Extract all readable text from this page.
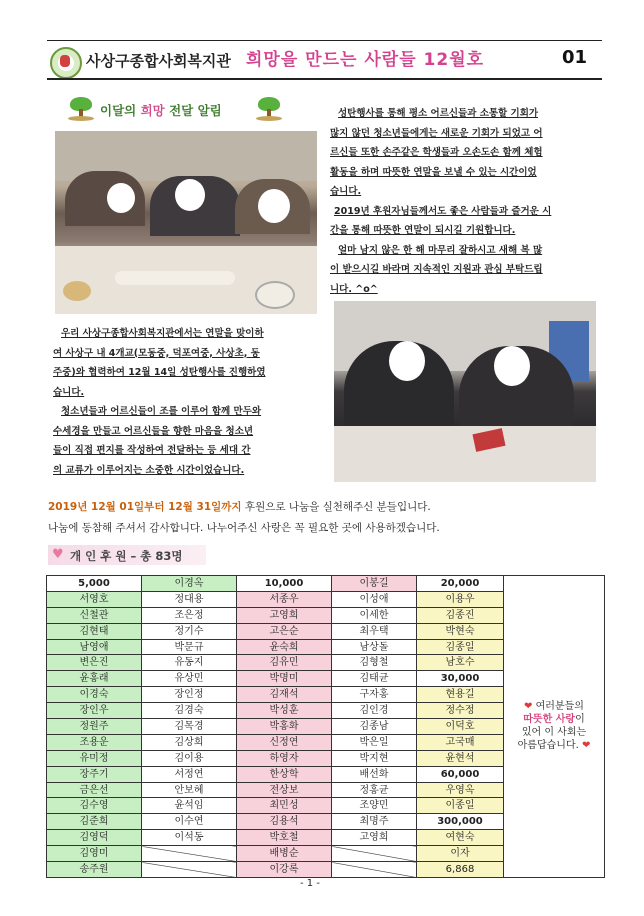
사상구종합사회복지관 희망을 만드는 사람들 12월호	01
이달의 희망 전달 알림	성탄행사를 통해 평소 어르신들과 소통할 기회가
많지 않던 청소년들에게는 새로운 기회가 되었고 어
르신들 또한 손주같은 학생들과 오손도손 함께 체험
활동을 하며 따뜻한 연말을 보낼 수 있는 시간이었
습니다.
2019년 후원자님들께서도 좋은 사람들과 즐거운 시
간을 통해 따뜻한 연말이 되시길 기원합니다.
얼마 남지 않은 한 해 마무리 잘하시고 새해 복 많
이 받으시길 바라며 지속적인 지원과 관심 부탁드립
니다. ^o^
우리 사상구종합사회복지관에서는 연말을 맞이하
여 사상구 내 4개교(모동중, 덕포여중, 사상초, 동
주중)와 협력하여 12월 14일 성탄행사를 진행하였
습니다.
청소년들과 어르신들이 조를 이루어 함께 만두와
수세경을 만들고 어르신들을 향한 마음을 청소년
들이 직접 편지를 작성하여 전달하는 등 세대 간
의 교류가 이루어지는 소중한 시간이었습니다.
2019년 12월 01일부터 12월 31일까지 후원으로 나눔을 실천해주신 분들입니다.
나눔에 동참해 주셔서 감사합니다. 나누어주신 사랑은 꼭 필요한 곳에 사용하겠습니다.
♥ 개 인 후 원 – 총 83명
5,000	이경옥	10,000	이봉길	20,000	❤ 여러분들의
따뜻한 사랑이
있어 이 사회는
아름답습니다. ❤

서영호	정대용	서종우	이성애	이용우	
신철관	조은정	고영희	이세한	김종진	
김현태	정기수	고은순	최우택	박현숙	
남영애	박문규	윤숙희	남상돌	김종일	
변은진	유동지	김유민	김형철	남호수	
윤홍래	유상민	박명미	김태균	30,000	
이경숙	장인정	김재석	구자홍	현용길	
장인우	김경숙	박성훈	김인경	정수정	
정원주	김목경	박홍화	김종남	이덕호	
조용운	김상희	신정연	박은일	고국매	
유미정	김이용	하영자	박지현	윤현석	
장주기	서정연	한상학	배선화	60,000	
금은선	안보혜	전상보	정홍균	우영옥	
김수영	윤석임	최민성	조양민	이종일	
김준희	이수연	김용석	최명주	300,000	
김영덕	이석동	박호철	고영희	여현숙	
김영미		배병순		이자	
송주원		이강록		6,868	
- 1 -
